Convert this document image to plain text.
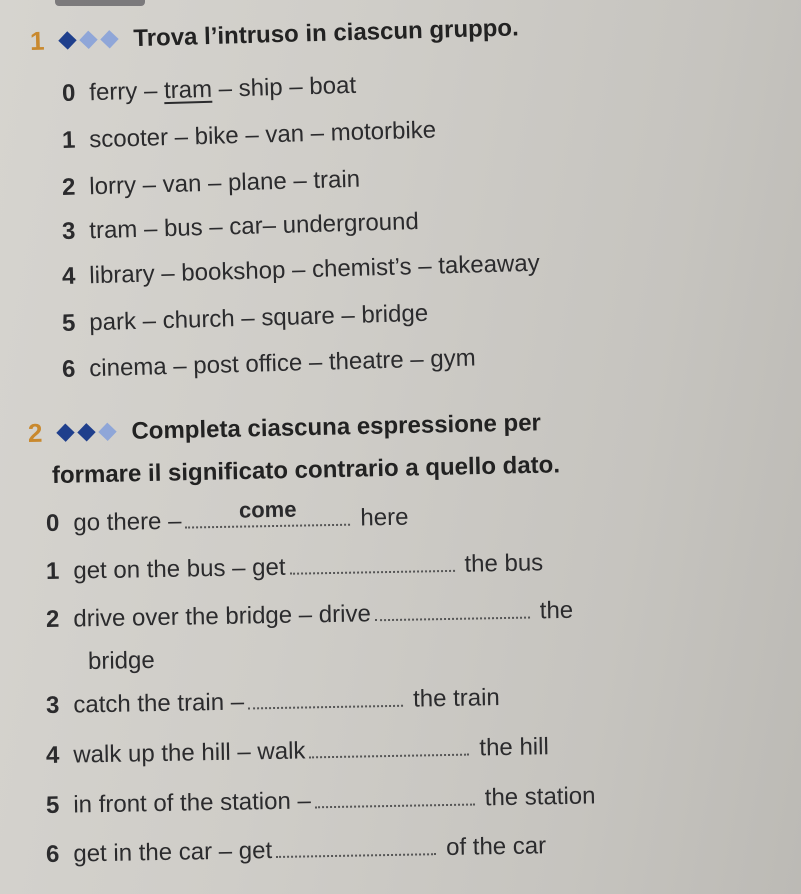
1	Trova l’intruso in ciascun gruppo.
0 ferry – tram – ship – boat
1 scooter – bike – van – motorbike
2 lorry – van – plane – train
3 tram – bus – car– underground
4 library – bookshop – chemist’s – takeaway
5 park – church – square – bridge
6 cinema – post office – theatre – gym
2	Completa ciascuna espressione per
formare il significato contrario a quello dato.
0 go there –	come	here
1 get on the bus – get	the bus
2 drive over the bridge – drive	the
bridge
3 catch the train –	the train
4 walk up the hill – walk	the hill
5 in front of the station –	the station
6 get in the car – get	of the car
